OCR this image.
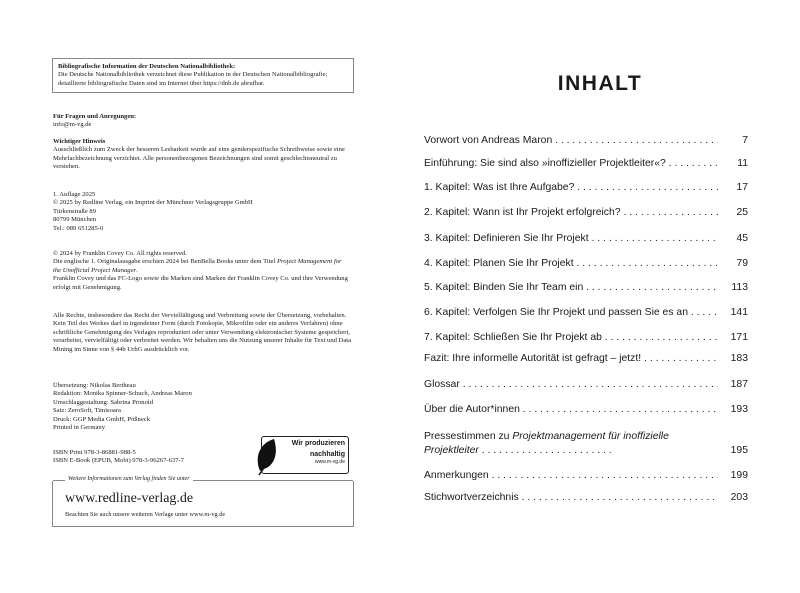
Bibliografische Information der Deutschen Nationalbibliothek:

Die Deutsche Nationalbibliothek verzeichnet diese Publikation in der Deutschen Nationalbibliografie; detaillierte bibliografische Daten sind im Internet über https://dnb.de abrufbar.

Für Fragen und Anregungen:

info@m-vg.de

Wichtiger Hinweis

Ausschließlich zum Zweck der besseren Lesbarkeit wurde auf eine genderspezifische Schreibweise sowie eine Mehrfachbezeichnung verzichtet. Alle personenbezogenen Bezeichnungen sind somit geschlechtsneutral zu verstehen.

1. Auflage 2025

© 2025 by Redline Verlag, ein Imprint der Münchner Verlagsgruppe GmbH

Türkenstraße 89

80799 München

Tel.: 089 651285-0

© 2024 by Franklin Covey Co. All rights reserved.

Die englische 1. Originalausgabe erschien 2024 bei BenBella Books unter dem Titel Project Management for the Unofficial Project Manager.

Franklin Covey und das FC-Logo sowie die Marken sind Marken der Franklin Covey Co. und ihre Verwendung erfolgt mit Genehmigung.

Alle Rechte, insbesondere das Recht der Vervielfältigung und Verbreitung sowie der Übersetzung, vorbehalten. Kein Teil des Werkes darf in irgendeiner Form (durch Fotokopie, Mikrofilm oder ein anderes Verfahren) ohne schriftliche Genehmigung des Verlages reproduziert oder unter Verwendung elektronischer Systeme gespeichert, verarbeitet, vervielfältigt oder verbreitet werden. Wir behalten uns die Nutzung unserer Inhalte für Text und Data Mining im Sinne von § 44b UrhG ausdrücklich vor.

Übersetzung: Nikolas Bertheau

Redaktion: Monika Spinner-Schuch, Andreas Maron

Umschlaggestaltung: Sabrina Pronold

Satz: ZeroSoft, Timisoara

Druck: GGP Media GmbH, Pößneck

Printed in Germany

ISBN Print 978-3-86881-988-5

ISBN E-Book (EPUB, Mobi) 978-3-96267-637-7

Wir produzieren
nachhaltig
www.m-vg.de
Weitere Informationen zum Verlag finden Sie unter
www.redline-verlag.de
Beachten Sie auch unsere weiteren Verlage unter www.m-vg.de
INHALT
Vorwort von Andreas Maron . . .	7
Einführung: Sie sind also »inoffizieller Projektleiter«? . . .	11
1. Kapitel: Was ist Ihre Aufgabe? . . .	17
2. Kapitel: Wann ist Ihr Projekt erfolgreich? . . .	25
3. Kapitel: Definieren Sie Ihr Projekt . . .	45
4. Kapitel: Planen Sie Ihr Projekt . . .	79
5. Kapitel: Binden Sie Ihr Team ein . . .	113
6. Kapitel: Verfolgen Sie Ihr Projekt und passen Sie es an . . .	141
7. Kapitel: Schließen Sie Ihr Projekt ab . . .	171
Fazit: Ihre informelle Autorität ist gefragt – jetzt! . . .	183
Glossar . . .	187
Über die Autor*innen . . .	193
Pressestimmen zu Projektmanagement für inoffizielle Projektleiter . . . . . . . . . . . . . . . . . . . . . . .	195
Anmerkungen . . .	199
Stichwortverzeichnis . . .	203
